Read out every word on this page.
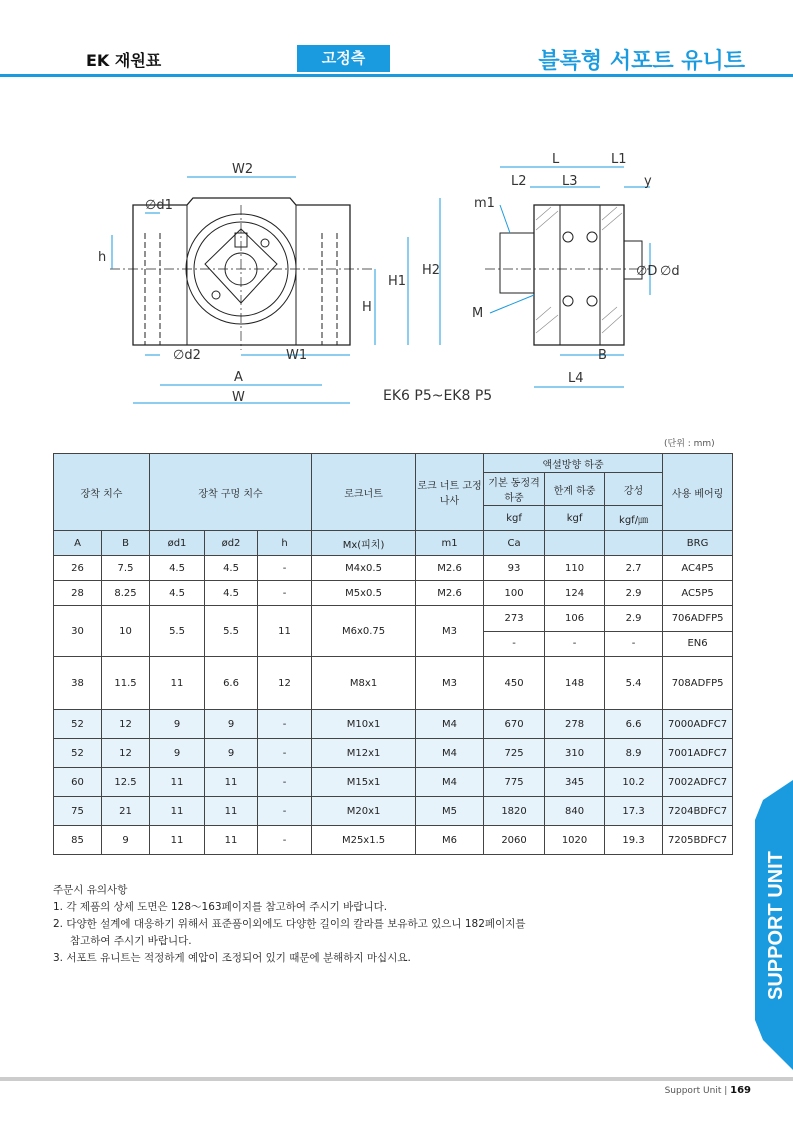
EK 재원표	고정측	블록형 서포트 유니트
W2
∅d1
h
H1
H2
H
∅d2	W1
A
W
L	L1
L2	L3	y
m1
∅D ∅d
M
B
L4
EK6 P5~EK8 P5
(단위 : mm)
장착 치수		장착 구멍 치수			로크너트	로크 너트 고정 나사	액셜방향 하중			사용 베어링
							기본 동정격 하중	한계 하중	강성	
							kgf	kgf	kgf/㎛	
A	B	ød1	ød2	h	Mx(피치)	m1	Ca			BRG
26	7.5	4.5	4.5	-	M4x0.5	M2.6	93	110	2.7	AC4P5
28	8.25	4.5	4.5	-	M5x0.5	M2.6	100	124	2.9	AC5P5
30	10	5.5	5.5	11	M6x0.75	M3	273	106	2.9	706ADFP5
							-	-	-	EN6
38	11.5	11	6.6	12	M8x1	M3	450	148	5.4	708ADFP5
52	12	9	9	-	M10x1	M4	670	278	6.6	7000ADFC7
52	12	9	9	-	M12x1	M4	725	310	8.9	7001ADFC7
60	12.5	11	11	-	M15x1	M4	775	345	10.2	7002ADFC7
75	21	11	11	-	M20x1	M5	1820	840	17.3	7204BDFC7
85	9	11	11	-	M25x1.5	M6	2060	1020	19.3	7205BDFC7
주문시 유의사항
1. 각 제품의 상세 도면은 128～163페이지를 참고하여 주시기 바랍니다.
2. 다양한 설계에 대응하기 위해서 표준품이외에도 다양한 길이의 칼라를 보유하고 있으니 182페이지를
참고하여 주시기 바랍니다.
3. 서포트 유니트는 적정하게 예압이 조정되어 있기 때문에 분해하지 마십시요.	SUPPORT UNIT
Support Unit | 169
